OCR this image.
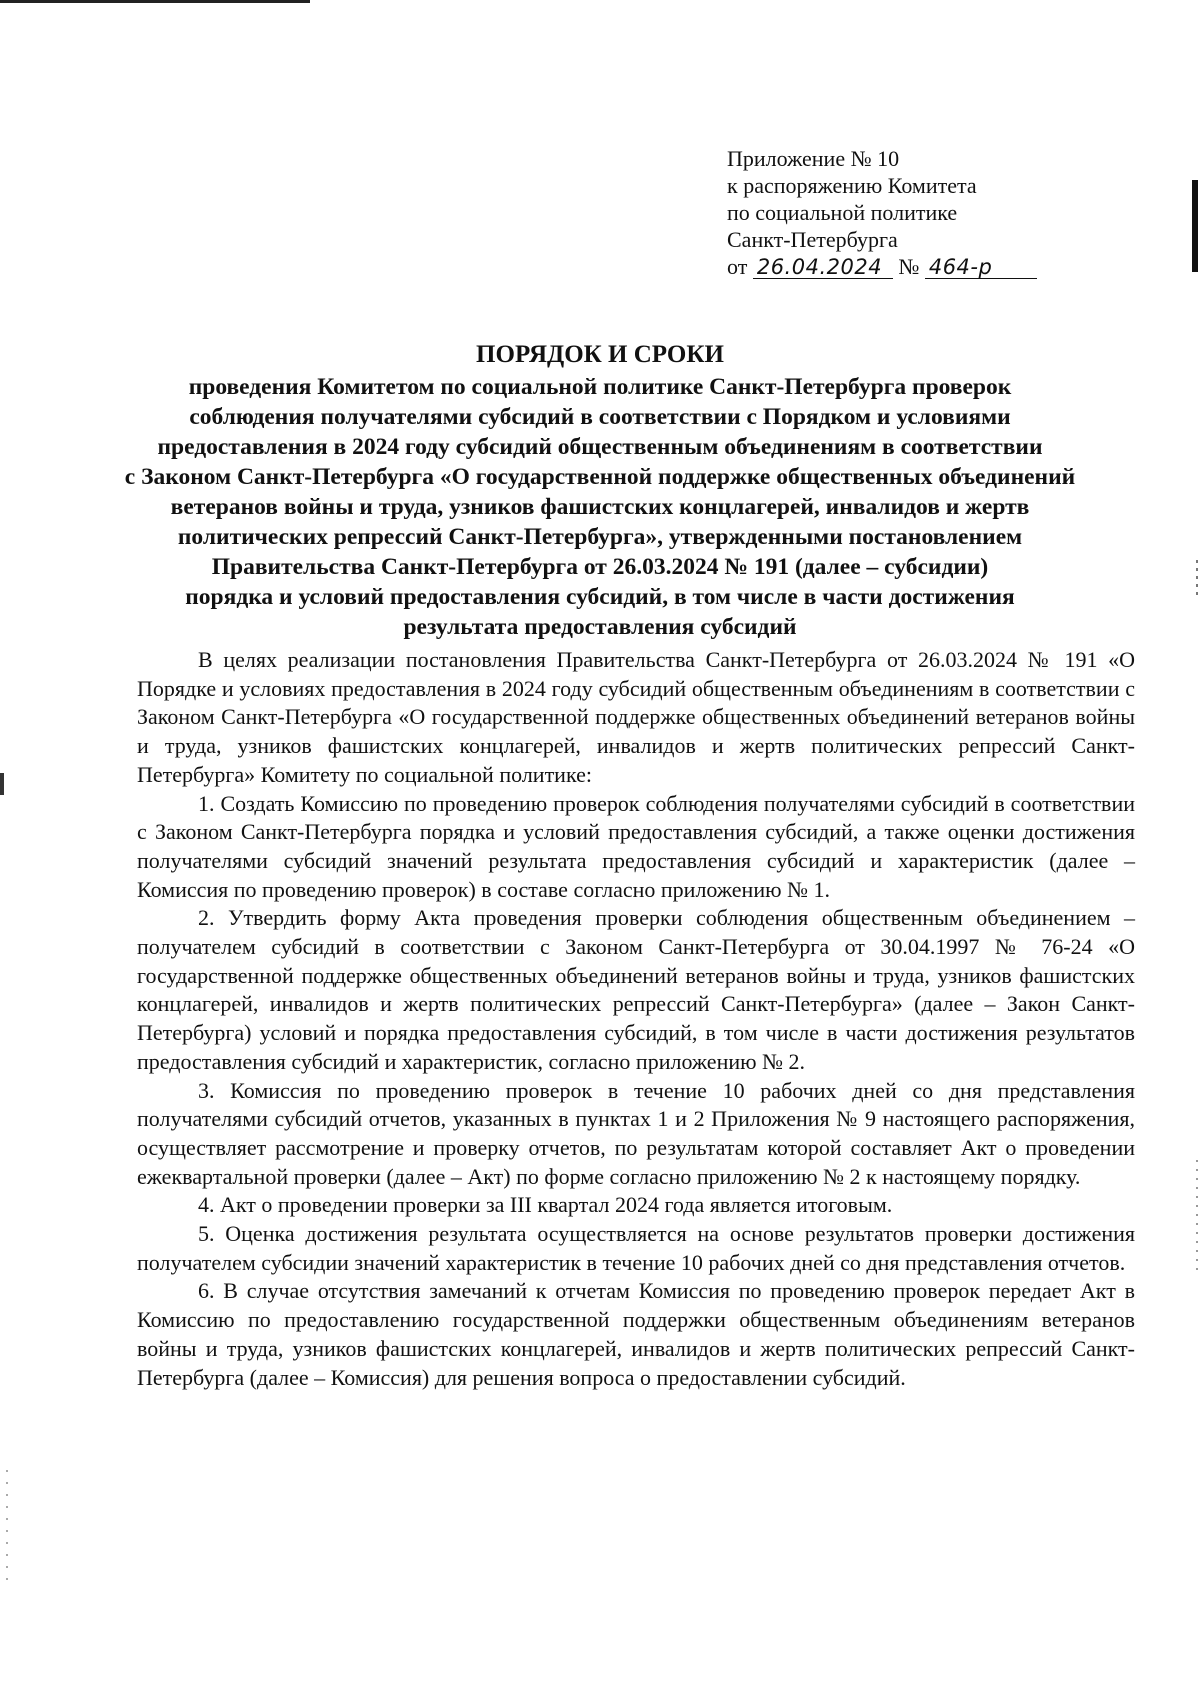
Приложение № 10
к распоряжению Комитета
по социальной политике
Санкт-Петербурга
от 26.04.2024 № 464-р
ПОРЯДОК И СРОКИ
проведения Комитетом по социальной политике Санкт-Петербурга проверок
соблюдения получателями субсидий в соответствии с Порядком и условиями
предоставления в 2024 году субсидий общественным объединениям в соответствии
с Законом Санкт-Петербурга «О государственной поддержке общественных объединений
ветеранов войны и труда, узников фашистских концлагерей, инвалидов и жертв
политических репрессий Санкт-Петербурга», утвержденными постановлением
Правительства Санкт-Петербурга от 26.03.2024 № 191 (далее – субсидии)
порядка и условий предоставления субсидий, в том числе в части достижения
результата предоставления субсидий

В целях реализации постановления Правительства Санкт-Петербурга от 26.03.2024 № 191 «О Порядке и условиях предоставления в 2024 году субсидий общественным объединениям в соответствии с Законом Санкт-Петербурга «О государственной поддержке общественных объединений ветеранов войны и труда, узников фашистских концлагерей, инвалидов и жертв политических репрессий Санкт-Петербурга» Комитету по социальной политике:

1. Создать Комиссию по проведению проверок соблюдения получателями субсидий в соответствии с Законом Санкт-Петербурга порядка и условий предоставления субсидий, а также оценки достижения получателями субсидий значений результата предоставления субсидий и характеристик (далее – Комиссия по проведению проверок) в составе согласно приложению № 1.

2. Утвердить форму Акта проведения проверки соблюдения общественным объединением – получателем субсидий в соответствии с Законом Санкт-Петербурга от 30.04.1997 № 76-24 «О государственной поддержке общественных объединений ветеранов войны и труда, узников фашистских концлагерей, инвалидов и жертв политических репрессий Санкт-Петербурга» (далее – Закон Санкт-Петербурга) условий и порядка предоставления субсидий, в том числе в части достижения результатов предоставления субсидий и характеристик, согласно приложению № 2.

3. Комиссия по проведению проверок в течение 10 рабочих дней со дня представления получателями субсидий отчетов, указанных в пунктах 1 и 2 Приложения № 9 настоящего распоряжения, осуществляет рассмотрение и проверку отчетов, по результатам которой составляет Акт о проведении ежеквартальной проверки (далее – Акт) по форме согласно приложению № 2 к настоящему порядку.

4. Акт о проведении проверки за III квартал 2024 года является итоговым.

5. Оценка достижения результата осуществляется на основе результатов проверки достижения получателем субсидии значений характеристик в течение 10 рабочих дней со дня представления отчетов.

6. В случае отсутствия замечаний к отчетам Комиссия по проведению проверок передает Акт в Комиссию по предоставлению государственной поддержки общественным объединениям ветеранов войны и труда, узников фашистских концлагерей, инвалидов и жертв политических репрессий Санкт-Петербурга (далее – Комиссия) для решения вопроса о предоставлении субсидий.
